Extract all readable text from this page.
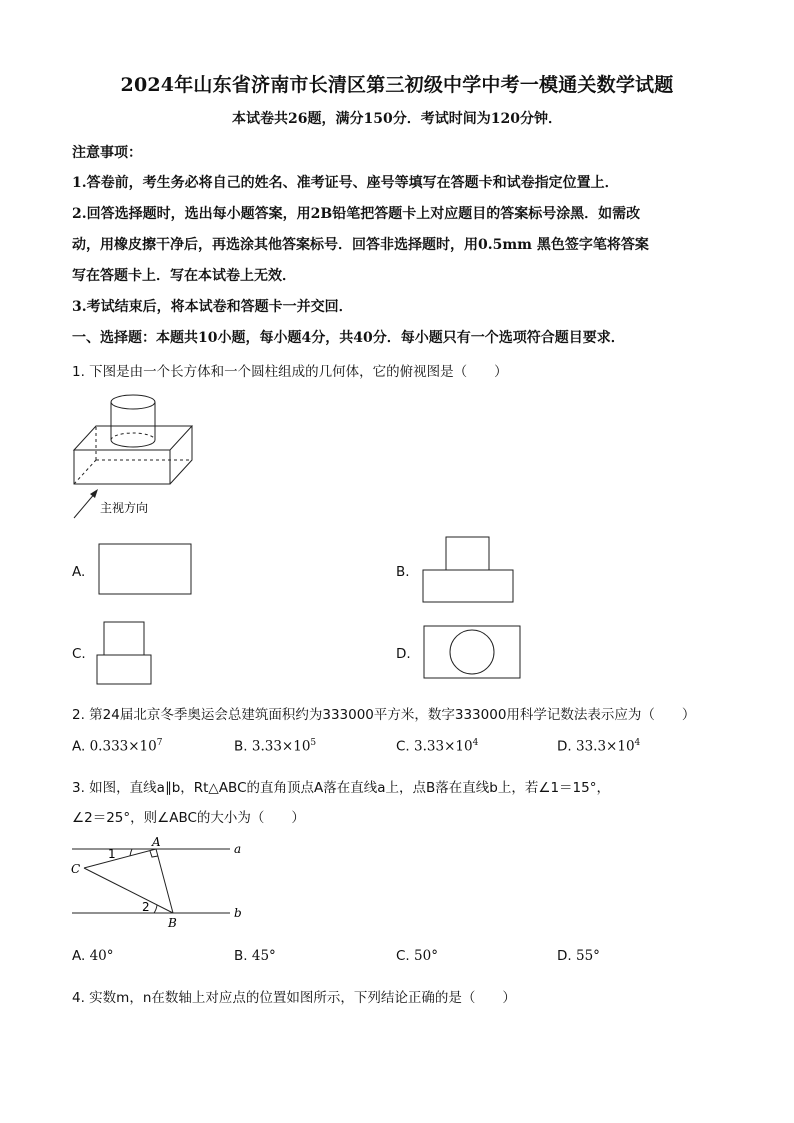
2024年山东省济南市长清区第三初级中学中考一模通关数学试题
本试卷共26题，满分150分．考试时间为120分钟．
注意事项：
1.答卷前，考生务必将自己的姓名、准考证号、座号等填写在答题卡和试卷指定位置上．
2.回答选择题时，选出每小题答案，用2B铅笔把答题卡上对应题目的答案标号涂黑．如需改
动，用橡皮擦干净后，再选涂其他答案标号．回答非选择题时，用0.5mm 黑色签字笔将答案
写在答题卡上．写在本试卷上无效．
3.考试结束后，将本试卷和答题卡一并交回．
一、选择题：本题共10小题，每小题4分，共40分．每小题只有一个选项符合题目要求．
1. 下图是由一个长方体和一个圆柱组成的几何体，它的俯视图是（　　）
主视方向
A.	B.
C.	D.
2. 第24届北京冬季奥运会总建筑面积约为333000平方米，数字333000用科学记数法表示应为（　　）
A. $0.333\times 10^7$	B. $3.33\times 10^5$	C. $3.33\times 10^4$	D. $33.3\times 10^4$
3. 如图，直线a∥b，Rt△ABC的直角顶点A落在直线a上，点B落在直线b上，若∠1＝15°，
∠2＝25°，则∠ABC的大小为（　　）
a
b
A
B
C
1
2
A. 40°	B. 45°	C. 50°	D. 55°
4. 实数m，n在数轴上对应点的位置如图所示，下列结论正确的是（　　）
